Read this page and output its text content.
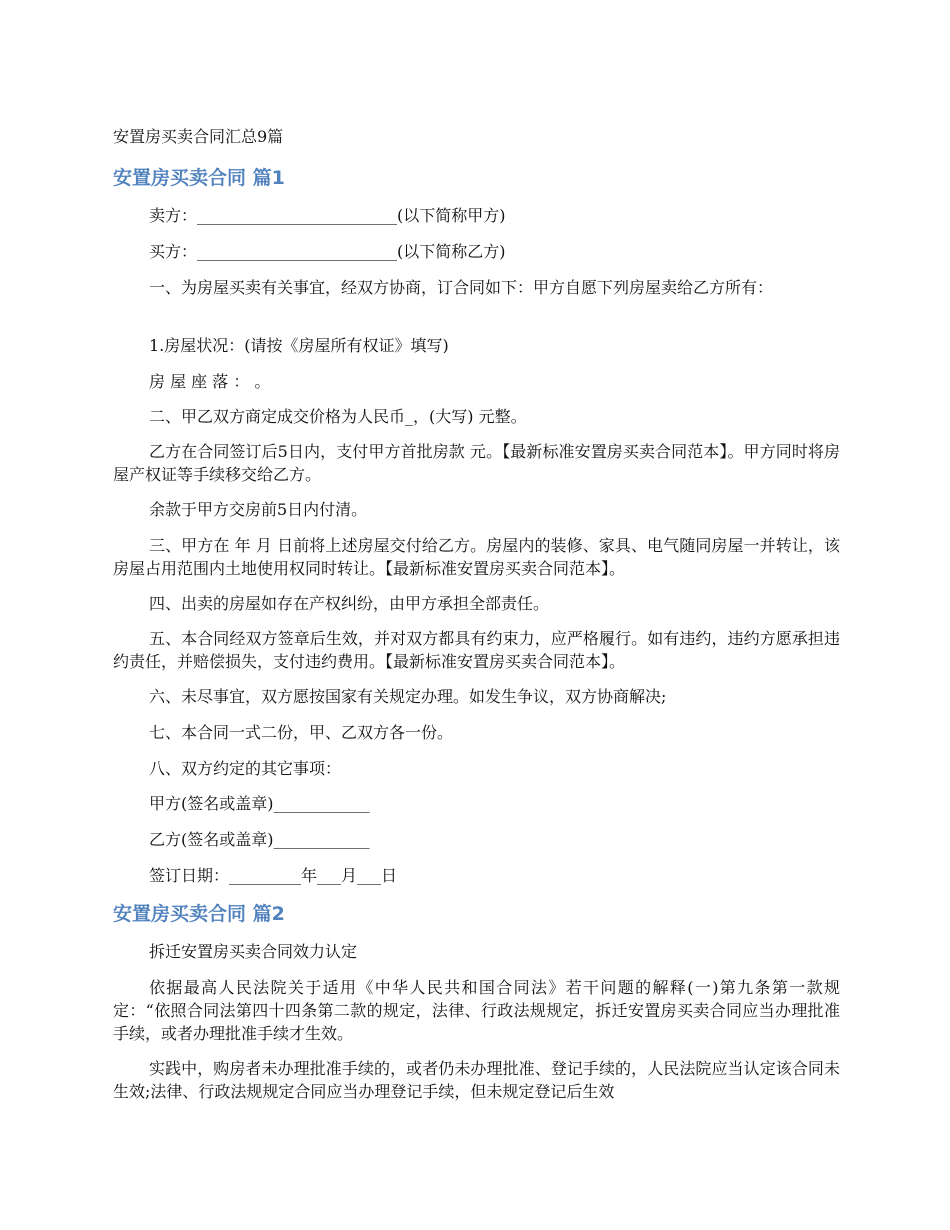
安置房买卖合同汇总9篇
安置房买卖合同 篇1
卖方：_________________________(以下简称甲方)
买方：_________________________(以下简称乙方)
一、为房屋买卖有关事宜，经双方协商，订合同如下：甲方自愿下列房屋卖给乙方所有：
1.房屋状况：(请按《房屋所有权证》填写)
房 屋 座 落 ： 。
二、甲乙双方商定成交价格为人民币_，(大写) 元整。
乙方在合同签订后5日内，支付甲方首批房款 元。【最新标准安置房买卖合同范本】。甲方同时将房屋产权证等手续移交给乙方。
余款于甲方交房前5日内付清。
三、甲方在 年 月 日前将上述房屋交付给乙方。房屋内的装修、家具、电气随同房屋一并转让，该房屋占用范围内土地使用权同时转让。【最新标准安置房买卖合同范本】。
四、出卖的房屋如存在产权纠纷，由甲方承担全部责任。
五、本合同经双方签章后生效，并对双方都具有约束力，应严格履行。如有违约，违约方愿承担违约责任，并赔偿损失，支付违约费用。【最新标准安置房买卖合同范本】。
六、未尽事宜，双方愿按国家有关规定办理。如发生争议，双方协商解决;
七、本合同一式二份，甲、乙双方各一份。
八、双方约定的其它事项：
甲方(签名或盖章)____________
乙方(签名或盖章)____________
签订日期：_________年___月___日
安置房买卖合同 篇2
拆迁安置房买卖合同效力认定
依据最高人民法院关于适用《中华人民共和国合同法》若干问题的解释(一)第九条第一款规定：“依照合同法第四十四条第二款的规定，法律、行政法规规定，拆迁安置房买卖合同应当办理批准手续，或者办理批准手续才生效。
实践中，购房者未办理批准手续的，或者仍未办理批准、登记手续的，人民法院应当认定该合同未生效;法律、行政法规规定合同应当办理登记手续，但未规定登记后生效
